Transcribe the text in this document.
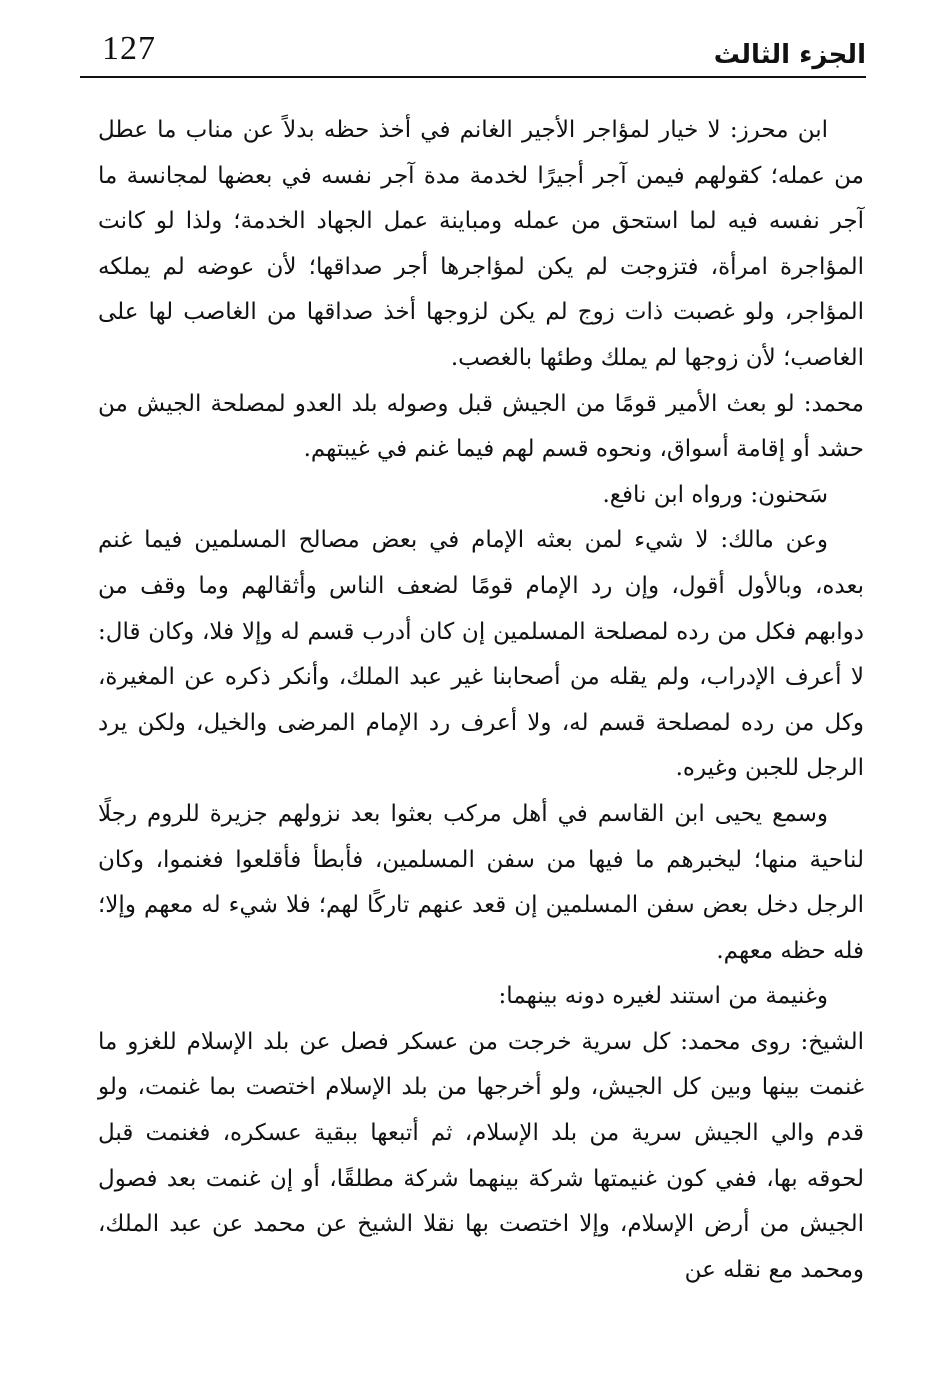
127	الجزء الثالث

ابن محرز: لا خيار لمؤاجر الأجير الغانم في أخذ حظه بدلاً عن مناب ما عطل من عمله؛ كقولهم فيمن آجر أجيرًا لخدمة مدة آجر نفسه في بعضها لمجانسة ما آجر نفسه فيه لما استحق من عمله ومباينة عمل الجهاد الخدمة؛ ولذا لو كانت المؤاجرة امرأة، فتزوجت لم يكن لمؤاجرها أجر صداقها؛ لأن عوضه لم يملكه المؤاجر، ولو غصبت ذات زوج لم يكن لزوجها أخذ صداقها من الغاصب لها على الغاصب؛ لأن زوجها لم يملك وطئها بالغصب.

محمد: لو بعث الأمير قومًا من الجيش قبل وصوله بلد العدو لمصلحة الجيش من حشد أو إقامة أسواق، ونحوه قسم لهم فيما غنم في غيبتهم.

سَحنون: ورواه ابن نافع.

وعن مالك: لا شيء لمن بعثه الإمام في بعض مصالح المسلمين فيما غنم بعده، وبالأول أقول، وإن رد الإمام قومًا لضعف الناس وأثقالهم وما وقف من دوابهم فكل من رده لمصلحة المسلمين إن كان أدرب قسم له وإلا فلا، وكان قال: لا أعرف الإدراب، ولم يقله من أصحابنا غير عبد الملك، وأنكر ذكره عن المغيرة، وكل من رده لمصلحة قسم له، ولا أعرف رد الإمام المرضى والخيل، ولكن يرد الرجل للجبن وغيره.

وسمع يحيى ابن القاسم في أهل مركب بعثوا بعد نزولهم جزيرة للروم رجلًا لناحية منها؛ ليخبرهم ما فيها من سفن المسلمين، فأبطأ فأقلعوا فغنموا، وكان الرجل دخل بعض سفن المسلمين إن قعد عنهم تاركًا لهم؛ فلا شيء له معهم وإلا؛ فله حظه معهم.

وغنيمة من استند لغيره دونه بينهما:

الشيخ: روى محمد: كل سرية خرجت من عسكر فصل عن بلد الإسلام للغزو ما غنمت بينها وبين كل الجيش، ولو أخرجها من بلد الإسلام اختصت بما غنمت، ولو قدم والي الجيش سرية من بلد الإسلام، ثم أتبعها ببقية عسكره، فغنمت قبل لحوقه بها، ففي كون غنيمتها شركة بينهما شركة مطلقًا، أو إن غنمت بعد فصول الجيش من أرض الإسلام، وإلا اختصت بها نقلا الشيخ عن محمد عن عبد الملك، ومحمد مع نقله عن
